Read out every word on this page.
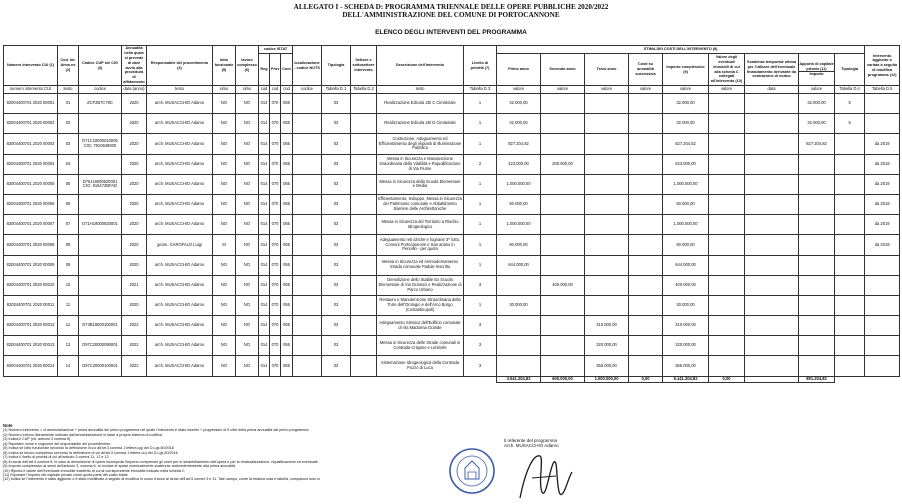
ALLEGATO I - SCHEDA D: PROGRAMMA TRIENNALE DELLE OPERE PUBBLICHE 2020/2022
DELL'AMMINISTRAZIONE DEL COMUNE DI PORTOCANNONE
ELENCO DEGLI INTERVENTI DEL PROGRAMMA
Numero intervento CUI (1)	Cod. Int. Amm.ne (2)	Codice CUP o/e CIG (3)	Annualità nella quale si prevede di dare avvio alla procedura di affidamento	Responsabile del procedimento (4)	lotto funzionale (5)	lavoro complesso (6)	codice ISTAT			localizzazione - codice NUTS	Tipologia	Settore e sottosettore intervento	Descrizione dell'intervento	Livello di priorità (7)	STIMA DEI COSTI DELL'INTERVENTO (8)									Intervento aggiunto o variato a seguito di modifica programma (12)
							Reg	Prov	Com						Primo anno	Secondo anno	Terzo anno	Costi su annualità successiva	Importo complessivo (9)	Valore degli eventuali immobili di cui alla scheda C collegati all'intervento (10)	Scadenza temporale ultima per l'utilizzo dell'eventuale finanziamento derivante da contrazione di mutuo	Apporto di capitale privato (11)
Importo	Tipologia	
numero intervento CUI	testo	codice	data (anno)	testo	si/no	si/no	cod	cod	cod	codice	Tabella D.1	Tabella D.2	testo	Tabella D.3	valore	valore	valore	valore	valore	valore	data	valore	Tabella D.4	Tabella D.5
82004400701 2020 00001	01	ZCF2B7C78C	2020	arch. MUSACCHIO Adamo	NO	NO	014	070	055		03		Realizzazione Edicola 25/ C Cimiteriale	1	32.000,00				32.000,00			32.000,00	5	
82004400701 2020 00002	02		2020	arch. MUSACCHIO Adamo	NO	NO	014	070	055		03		Realizzazione Edicola 25/ D Cimiteriale	1	32.000,00				32.000,00			32.000,00	5	
82004400701 2020 00003	03	D71C19000010005 CIG: 7910949000	2020	arch. MUSACCHIO Adamo	NO	NO	014	070	055		03		Costruzione, Adeguamento ed Efficientamento degli impianti di Illuminazione Pubblica	1	827.204,82				827.204,82			827.204,82		da 2019
82004400701 2020 00004	04		2020	arch. MUSACCHIO Adamo	NO	NO	014	070	055		03		Messa in Sicurezza e Manutenzione straordinaria della Viabilità e Riqualificazione di Via Fiume	2	423.000,00	200.000,00			623.000,00					da 2019
82004400701 2020 00005	05	D76J19000620001 CIG: 815472BFAD	2020	arch. MUSACCHIO Adamo	NO	NO	014	070	055		03		Messa in Sicurezza della Scuola Elementare e Media	1	1.000.000,00				1.000.000,00					da 2019
82004400701 2020 00006	06		2020	arch. MUSACCHIO Adamo	NO	NO	014	070	055		03		Efficientamento, Sviluppo, Messa in Sicurezza del Patrimonio comunale e Abbattimento Barriere delle Architettoniche	1	50.000,00				50.000,00					da 2019
82004400701 2020 00007	07	D71H19000820001	2020	arch. MUSACCHIO Adamo	NO	NO	014	070	055		03		Messa in Sicurezza del Territorio a Rischio Idrogeologico	1	1.000.000,00				1.000.000,00					da 2019
82004400701 2020 00008	08		2020	geom. GAROFALO Luigi	SI	NO	014	070	055		03		Adeguamento reti idriche e fognarie 3^ lotto, Comuni Portocannone e San antino in Pennillo - per quota	1	90.000,00				90.000,00					da 2019
82004400701 2020 00009	09		2020	arch. MUSACCHIO Adamo	NO	NO	014	070	055		03		Messa in Sicurezza ed Ammodernamento Strada comunale Padule Inscritto	1	644.000,00				644.000,00					
82004400701 2020 00010	10		2021	arch. MUSACCHIO Adamo	NO	NO	014	070	055		03		Demolizione dello Stabile Ex Scuola Elementare di Via Gramsci e Realizzazione di Parco Urbano	3		400.000,00			400.000,00					
82004400701 2020 00011	11		2020	arch. MUSACCHIO Adamo	NO	NO	014	070	055		03		Restauro e Manutenzione Straordinaria della Torre dell'Orologio e dell'Arco Borgo (Costantinopoli)	1	30.000,00				30.000,00					
82004400701 2020 00012	12	D73B19000100001	2022	arch. MUSACCHIO Adamo	NO	NO	014	070	055		03		Adeguamento Sismico dell'Edificio comunale di Via Madonna Grande	3			310.000,00		310.000,00					
82004400701 2020 00013	13	D97C20000090001	2022	arch. MUSACCHIO Adamo	NO	NO	014	070	055		03		Messa in Sicurezza delle Strade comunali in Contrada Crispino e Limitrofe	3			320.000,00		320.000,00					
82004400701 2020 00014	14	D97C20000100001	2022	arch. MUSACCHIO Adamo	NO	NO	014	070	055		03		Sistemazione Idrogeologica della Contrada Pozzo di Luca	3			365.000,00		365.000,00					
															3.541.204,82	600.000,00	1.000.000,00	0,00	5.141.204,82	0,00		891.204,82		
Note
(1) Numero intervento = cf amministrazione + prima annualità del primo programma nel quale l'intervento è stato inserito + progressivo di 5 cifre della prima annualità del primo programma
(2) Numero interno liberamente indicato dall'amministrazione in base a proprio sistema di codifica
(3) Indica il CUP (cfr. articolo 3 comma 5)
(4) Riportare nome e cognome del responsabile del procedimento
(5) Indica se lotto funzionale secondo la definizione di cui all'art.3 comma 1 lettera qq) del D.Lgs.50/2016
(6) Indica se lavoro complesso secondo la definizione di cui all'art.3 comma 1 lettera oo) del D.Lgs.50/2016
(7) Indica il livello di priorità di cui all'articolo 3 commi 11, 12 e 13
(8) Ai sensi dell'art.4 comma 6, in caso di demolizione di opera incompiuta l'importo comprende gli oneri per lo smantellamento dell'opera e per la rinaturalizzazione, riqualificazione ed eventuale
(9) Importo complessivo ai sensi dell'articolo 3, comma 6, ivi incluse le spese eventualmente sostenute antecedentemente alla prima annualità
(10) Riporta il valore dell'eventuale immobile trasferito di cui al corrispondente immobile indicato nella scheda C
(11) Riportare l'importo del capitale privato come quota parte del costo totale
(12) Indica se l'intervento è stato aggiunto o è stato modificato a seguito di modifica in corso d'anno ai sensi dell'art.5 commi 9 e 11. Tale campo, come la relativa nota e tabella, compaiono solo in
Il referente del programma
Arch. MUSACCHIO Adamo
